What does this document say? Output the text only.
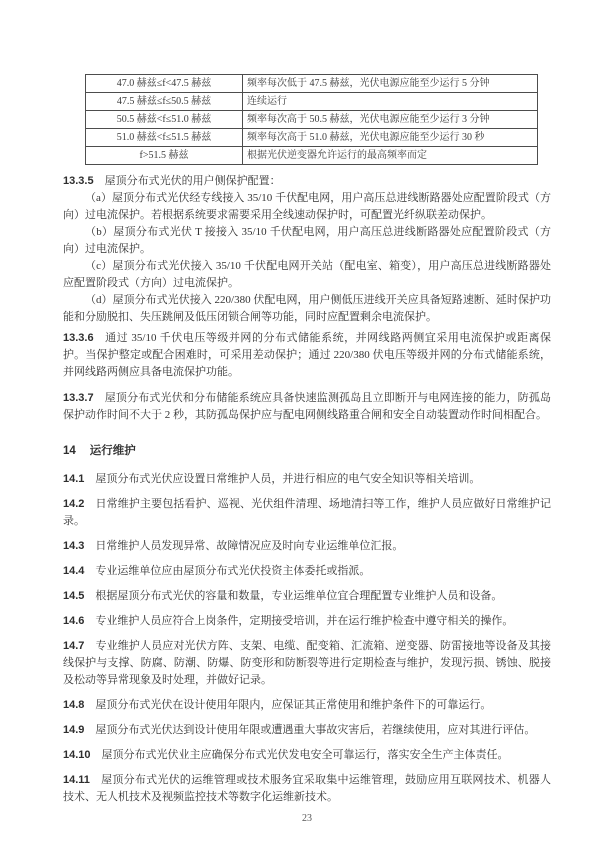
47.0 赫兹≤f<47.5 赫兹	频率每次低于 47.5 赫兹，光伏电源应能至少运行 5 分钟
47.5 赫兹≤f≤50.5 赫兹	连续运行
50.5 赫兹<f≤51.0 赫兹	频率每次高于 50.5 赫兹，光伏电源应能至少运行 3 分钟
51.0 赫兹<f≤51.5 赫兹	频率每次高于 51.0 赫兹，光伏电源应能至少运行 30 秒
f>51.5 赫兹	根据光伏逆变器允许运行的最高频率而定

13.3.5 屋顶分布式光伏的用户侧保护配置：

（a）屋顶分布式光伏经专线接入 35/10 千伏配电网，用户高压总进线断路器处应配置阶段式（方向）过电流保护。若根据系统要求需要采用全线速动保护时，可配置光纤纵联差动保护。

（b）屋顶分布式光伏 T 接接入 35/10 千伏配电网，用户高压总进线断路器处应配置阶段式（方向）过电流保护。

（c）屋顶分布式光伏接入 35/10 千伏配电网开关站（配电室、箱变），用户高压总进线断路器处应配置阶段式（方向）过电流保护。

（d）屋顶分布式光伏接入 220/380 伏配电网，用户侧低压进线开关应具备短路速断、延时保护功能和分励脱扣、失压跳闸及低压闭锁合闸等功能，同时应配置剩余电流保护。

13.3.6 通过 35/10 千伏电压等级并网的分布式储能系统，并网线路两侧宜采用电流保护或距离保护。当保护整定或配合困难时，可采用差动保护；通过 220/380 伏电压等级并网的分布式储能系统，并网线路两侧应具备电流保护功能。

13.3.7 屋顶分布式光伏和分布储能系统应具备快速监测孤岛且立即断开与电网连接的能力，防孤岛保护动作时间不大于 2 秒，其防孤岛保护应与配电网侧线路重合闸和安全自动装置动作时间相配合。

14 运行维护

14.1 屋顶分布式光伏应设置日常维护人员，并进行相应的电气安全知识等相关培训。

14.2 日常维护主要包括看护、巡视、光伏组件清理、场地清扫等工作，维护人员应做好日常维护记录。

14.3 日常维护人员发现异常、故障情况应及时向专业运维单位汇报。

14.4 专业运维单位应由屋顶分布式光伏投资主体委托或指派。

14.5 根据屋顶分布式光伏的容量和数量，专业运维单位宜合理配置专业维护人员和设备。

14.6 专业维护人员应符合上岗条件，定期接受培训，并在运行维护检查中遵守相关的操作。

14.7 专业维护人员应对光伏方阵、支架、电缆、配变箱、汇流箱、逆变器、防雷接地等设备及其接线保护与支撑、防腐、防潮、防爆、防变形和防断裂等进行定期检查与维护，发现污损、锈蚀、脱接及松动等异常现象及时处理，并做好记录。

14.8 屋顶分布式光伏在设计使用年限内，应保证其正常使用和维护条件下的可靠运行。

14.9 屋顶分布式光伏达到设计使用年限或遭遇重大事故灾害后，若继续使用，应对其进行评估。

14.10 屋顶分布式光伏业主应确保分布式光伏发电安全可靠运行，落实安全生产主体责任。

14.11 屋顶分布式光伏的运维管理或技术服务宜采取集中运维管理，鼓励应用互联网技术、机器人技术、无人机技术及视频监控技术等数字化运维新技术。

23
